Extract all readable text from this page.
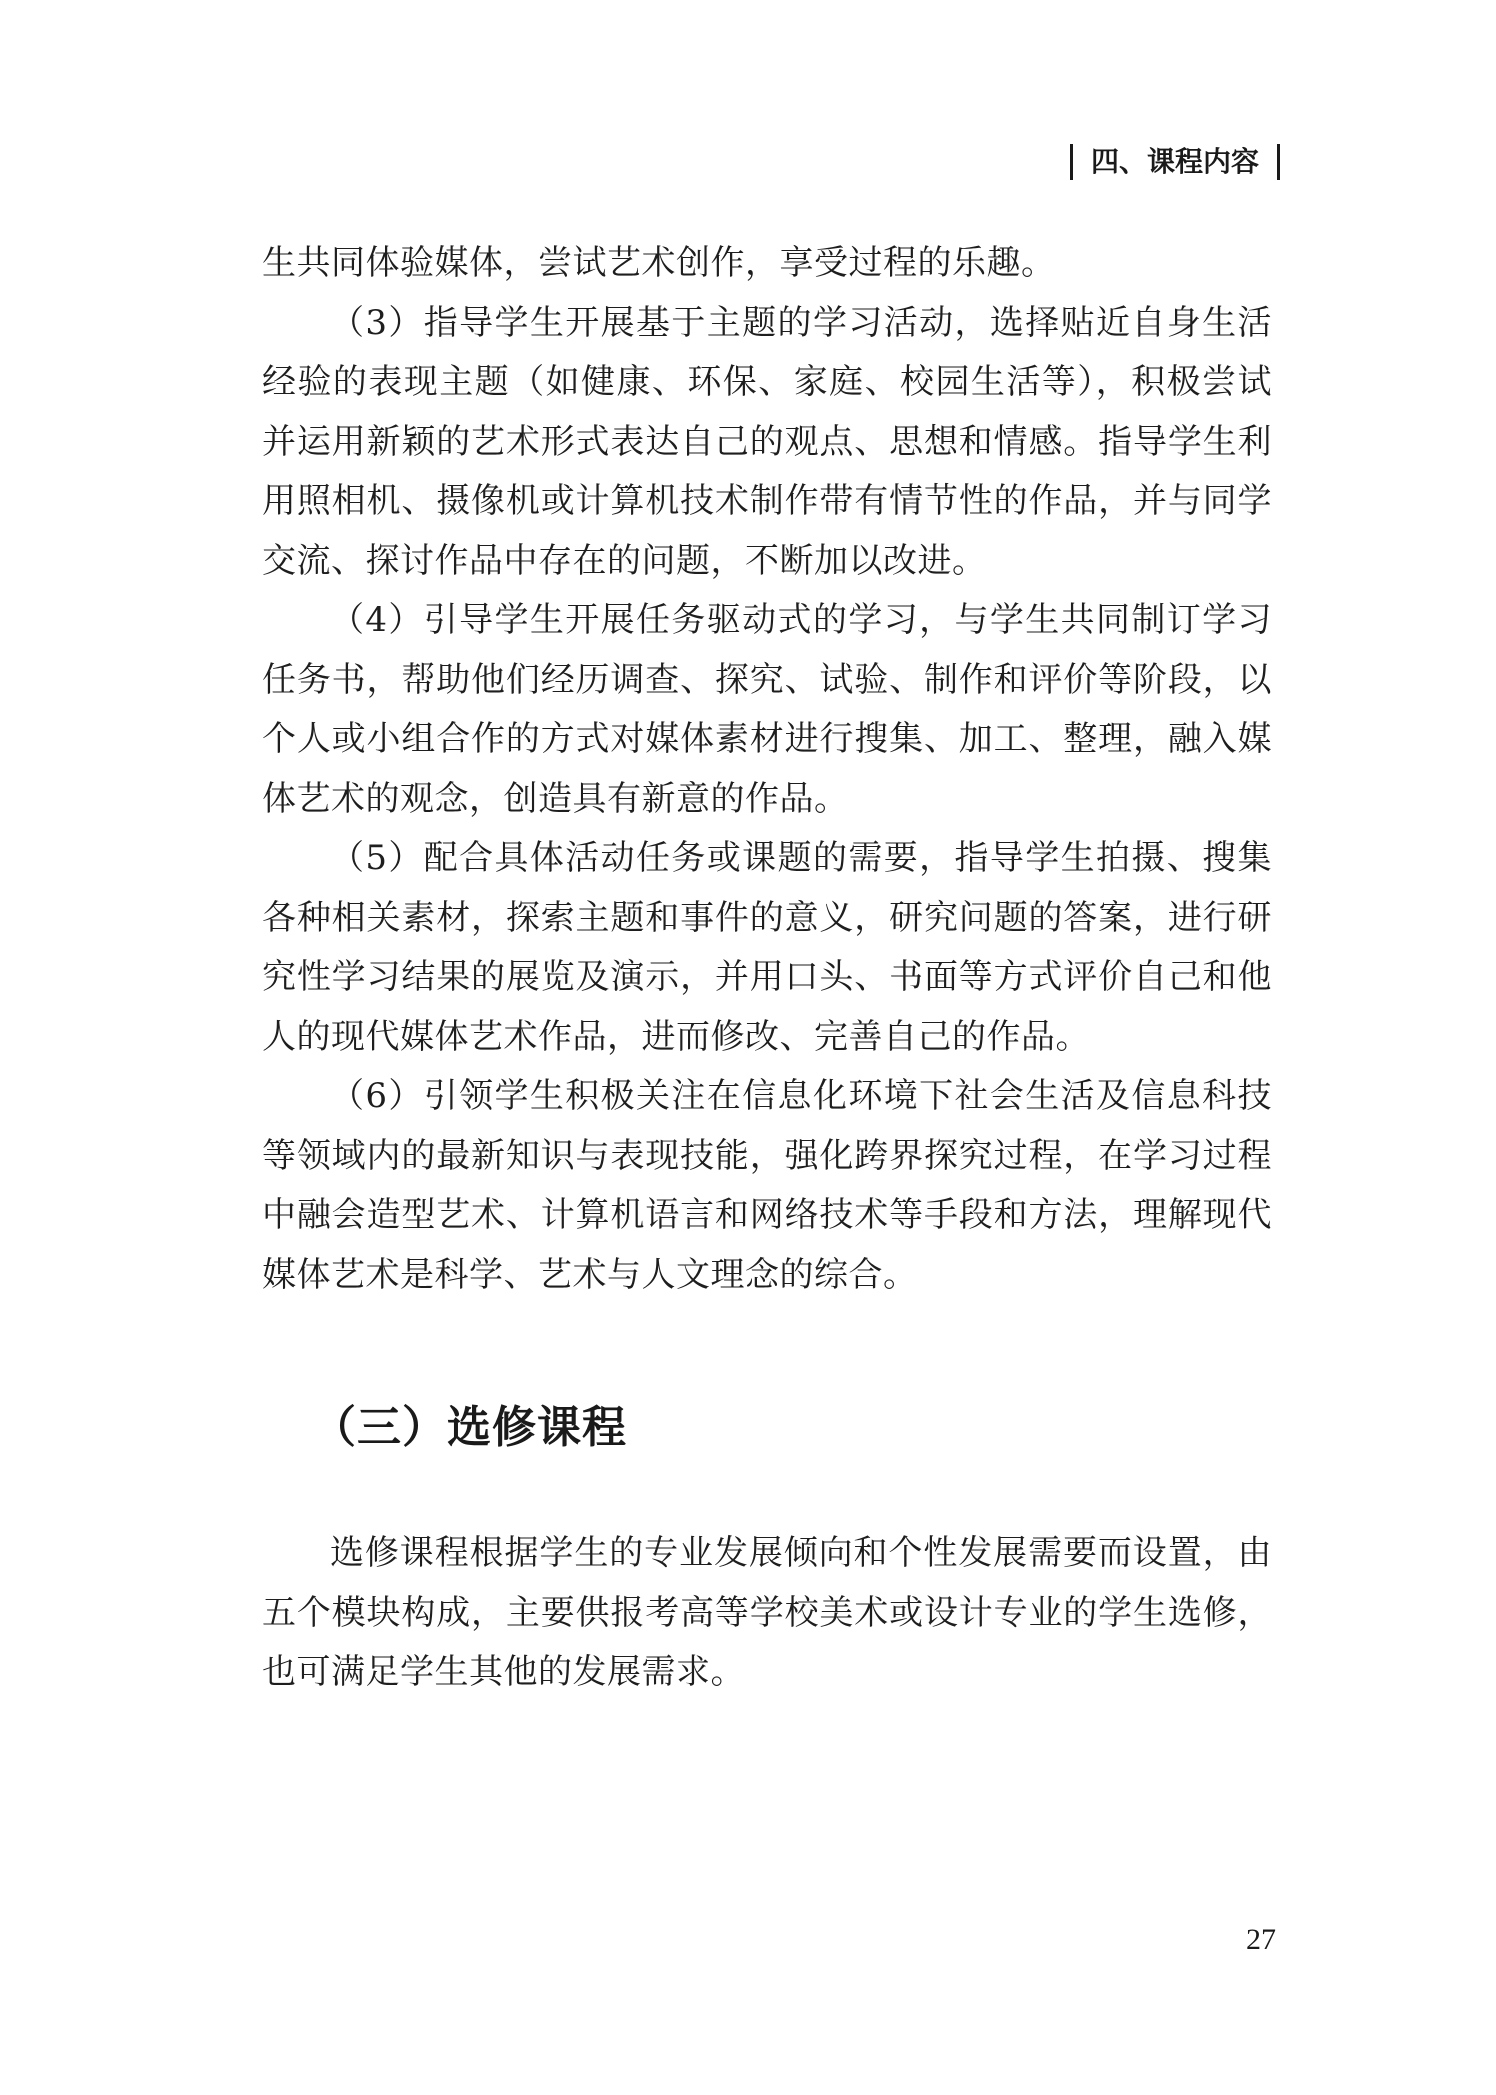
四、课程内容

生共同体验媒体，尝试艺术创作，享受过程的乐趣。

（3）指导学生开展基于主题的学习活动，选择贴近自身生活经验的表现主题（如健康、环保、家庭、校园生活等），积极尝试并运用新颖的艺术形式表达自己的观点、思想和情感。指导学生利用照相机、摄像机或计算机技术制作带有情节性的作品，并与同学交流、探讨作品中存在的问题，不断加以改进。

（4）引导学生开展任务驱动式的学习，与学生共同制订学习任务书，帮助他们经历调查、探究、试验、制作和评价等阶段，以个人或小组合作的方式对媒体素材进行搜集、加工、整理，融入媒体艺术的观念，创造具有新意的作品。

（5）配合具体活动任务或课题的需要，指导学生拍摄、搜集各种相关素材，探索主题和事件的意义，研究问题的答案，进行研究性学习结果的展览及演示，并用口头、书面等方式评价自己和他人的现代媒体艺术作品，进而修改、完善自己的作品。

（6）引领学生积极关注在信息化环境下社会生活及信息科技等领域内的最新知识与表现技能，强化跨界探究过程，在学习过程中融会造型艺术、计算机语言和网络技术等手段和方法，理解现代媒体艺术是科学、艺术与人文理念的综合。

（三）选修课程

选修课程根据学生的专业发展倾向和个性发展需要而设置，由五个模块构成，主要供报考高等学校美术或设计专业的学生选修，也可满足学生其他的发展需求。

27
